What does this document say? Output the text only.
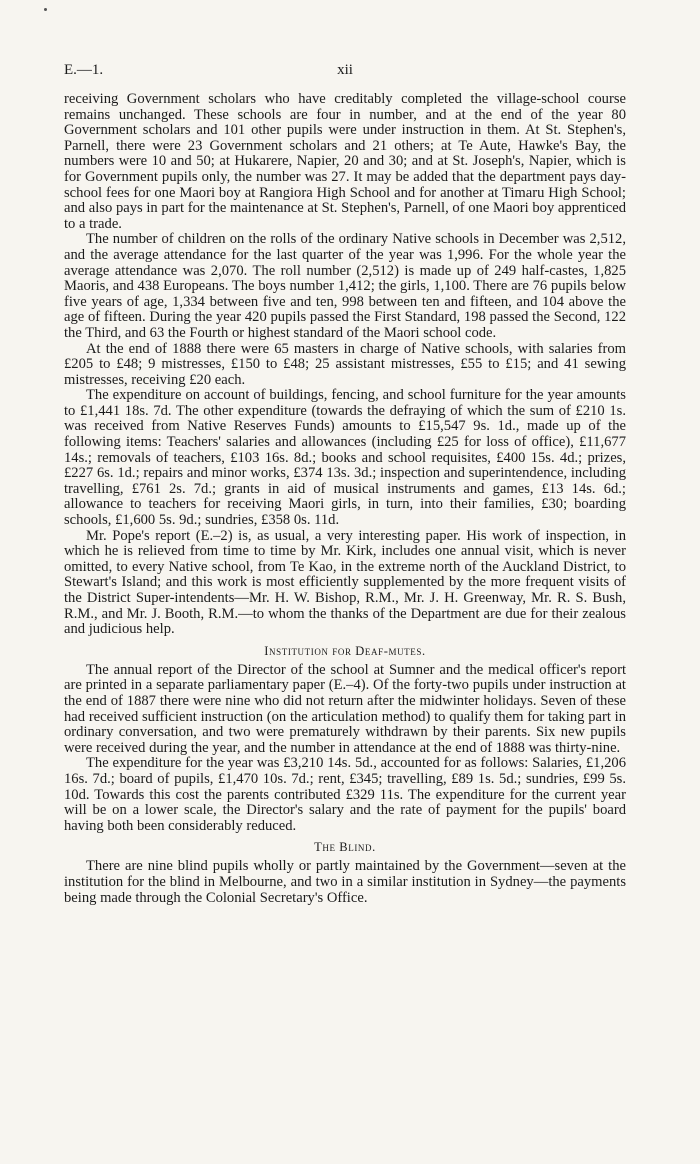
E.—1.	xii

receiving Government scholars who have creditably completed the village-school course remains unchanged. These schools are four in number, and at the end of the year 80 Government scholars and 101 other pupils were under instruction in them. At St. Stephen's, Parnell, there were 23 Government scholars and 21 others; at Te Aute, Hawke's Bay, the numbers were 10 and 50; at Hukarere, Napier, 20 and 30; and at St. Joseph's, Napier, which is for Government pupils only, the number was 27. It may be added that the department pays day-school fees for one Maori boy at Rangiora High School and for another at Timaru High School; and also pays in part for the maintenance at St. Stephen's, Parnell, of one Maori boy apprenticed to a trade.

The number of children on the rolls of the ordinary Native schools in December was 2,512, and the average attendance for the last quarter of the year was 1,996. For the whole year the average attendance was 2,070. The roll number (2,512) is made up of 249 half-castes, 1,825 Maoris, and 438 Europeans. The boys number 1,412; the girls, 1,100. There are 76 pupils below five years of age, 1,334 between five and ten, 998 between ten and fifteen, and 104 above the age of fifteen. During the year 420 pupils passed the First Standard, 198 passed the Second, 122 the Third, and 63 the Fourth or highest standard of the Maori school code.

At the end of 1888 there were 65 masters in charge of Native schools, with salaries from £205 to £48; 9 mistresses, £150 to £48; 25 assistant mistresses, £55 to £15; and 41 sewing mistresses, receiving £20 each.

The expenditure on account of buildings, fencing, and school furniture for the year amounts to £1,441 18s. 7d. The other expenditure (towards the defraying of which the sum of £210 1s. was received from Native Reserves Funds) amounts to £15,547 9s. 1d., made up of the following items: Teachers' salaries and allowances (including £25 for loss of office), £11,677 14s.; removals of teachers, £103 16s. 8d.; books and school requisites, £400 15s. 4d.; prizes, £227 6s. 1d.; repairs and minor works, £374 13s. 3d.; inspection and superintendence, including travelling, £761 2s. 7d.; grants in aid of musical instruments and games, £13 14s. 6d.; allowance to teachers for receiving Maori girls, in turn, into their families, £30; boarding schools, £1,600 5s. 9d.; sundries, £358 0s. 11d.

Mr. Pope's report (E.–2) is, as usual, a very interesting paper. His work of inspection, in which he is relieved from time to time by Mr. Kirk, includes one annual visit, which is never omitted, to every Native school, from Te Kao, in the extreme north of the Auckland District, to Stewart's Island; and this work is most efficiently supplemented by the more frequent visits of the District Super-intendents—Mr. H. W. Bishop, R.M., Mr. J. H. Greenway, Mr. R. S. Bush, R.M., and Mr. J. Booth, R.M.—to whom the thanks of the Department are due for their zealous and judicious help.

Institution for Deaf-mutes.

The annual report of the Director of the school at Sumner and the medical officer's report are printed in a separate parliamentary paper (E.–4). Of the forty-two pupils under instruction at the end of 1887 there were nine who did not return after the midwinter holidays. Seven of these had received sufficient instruction (on the articulation method) to qualify them for taking part in ordinary conversation, and two were prematurely withdrawn by their parents. Six new pupils were received during the year, and the number in attendance at the end of 1888 was thirty-nine.

The expenditure for the year was £3,210 14s. 5d., accounted for as follows: Salaries, £1,206 16s. 7d.; board of pupils, £1,470 10s. 7d.; rent, £345; travelling, £89 1s. 5d.; sundries, £99 5s. 10d. Towards this cost the parents contributed £329 11s. The expenditure for the current year will be on a lower scale, the Director's salary and the rate of payment for the pupils' board having both been considerably reduced.

The Blind.

There are nine blind pupils wholly or partly maintained by the Government—seven at the institution for the blind in Melbourne, and two in a similar institution in Sydney—the payments being made through the Colonial Secretary's Office.
